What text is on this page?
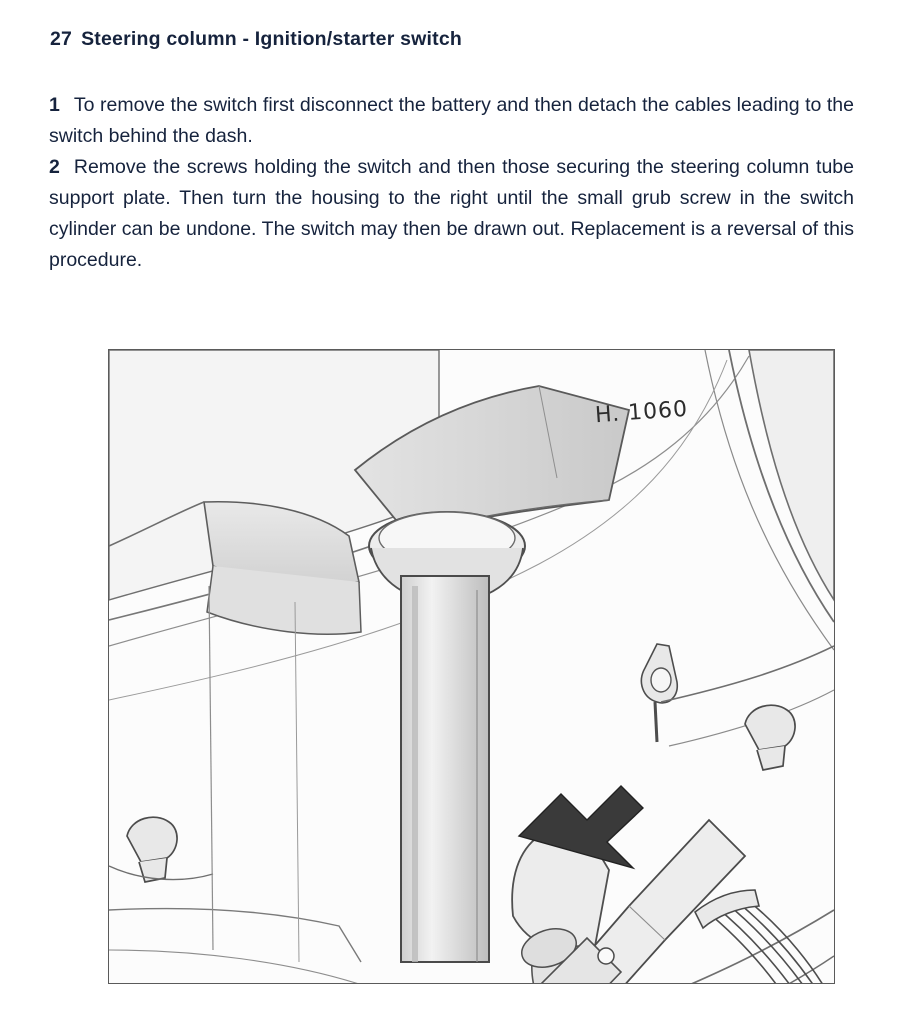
27 Steering column - Ignition/starter switch

1 To remove the switch first disconnect the battery and then detach the cables leading to the switch behind the dash.

2 Remove the screws holding the switch and then those securing the steering column tube support plate. Then turn the housing to the right until the small grub screw in the switch cylinder can be undone. The switch may then be drawn out. Replacement is a reversal of this procedure.

H. 1060
